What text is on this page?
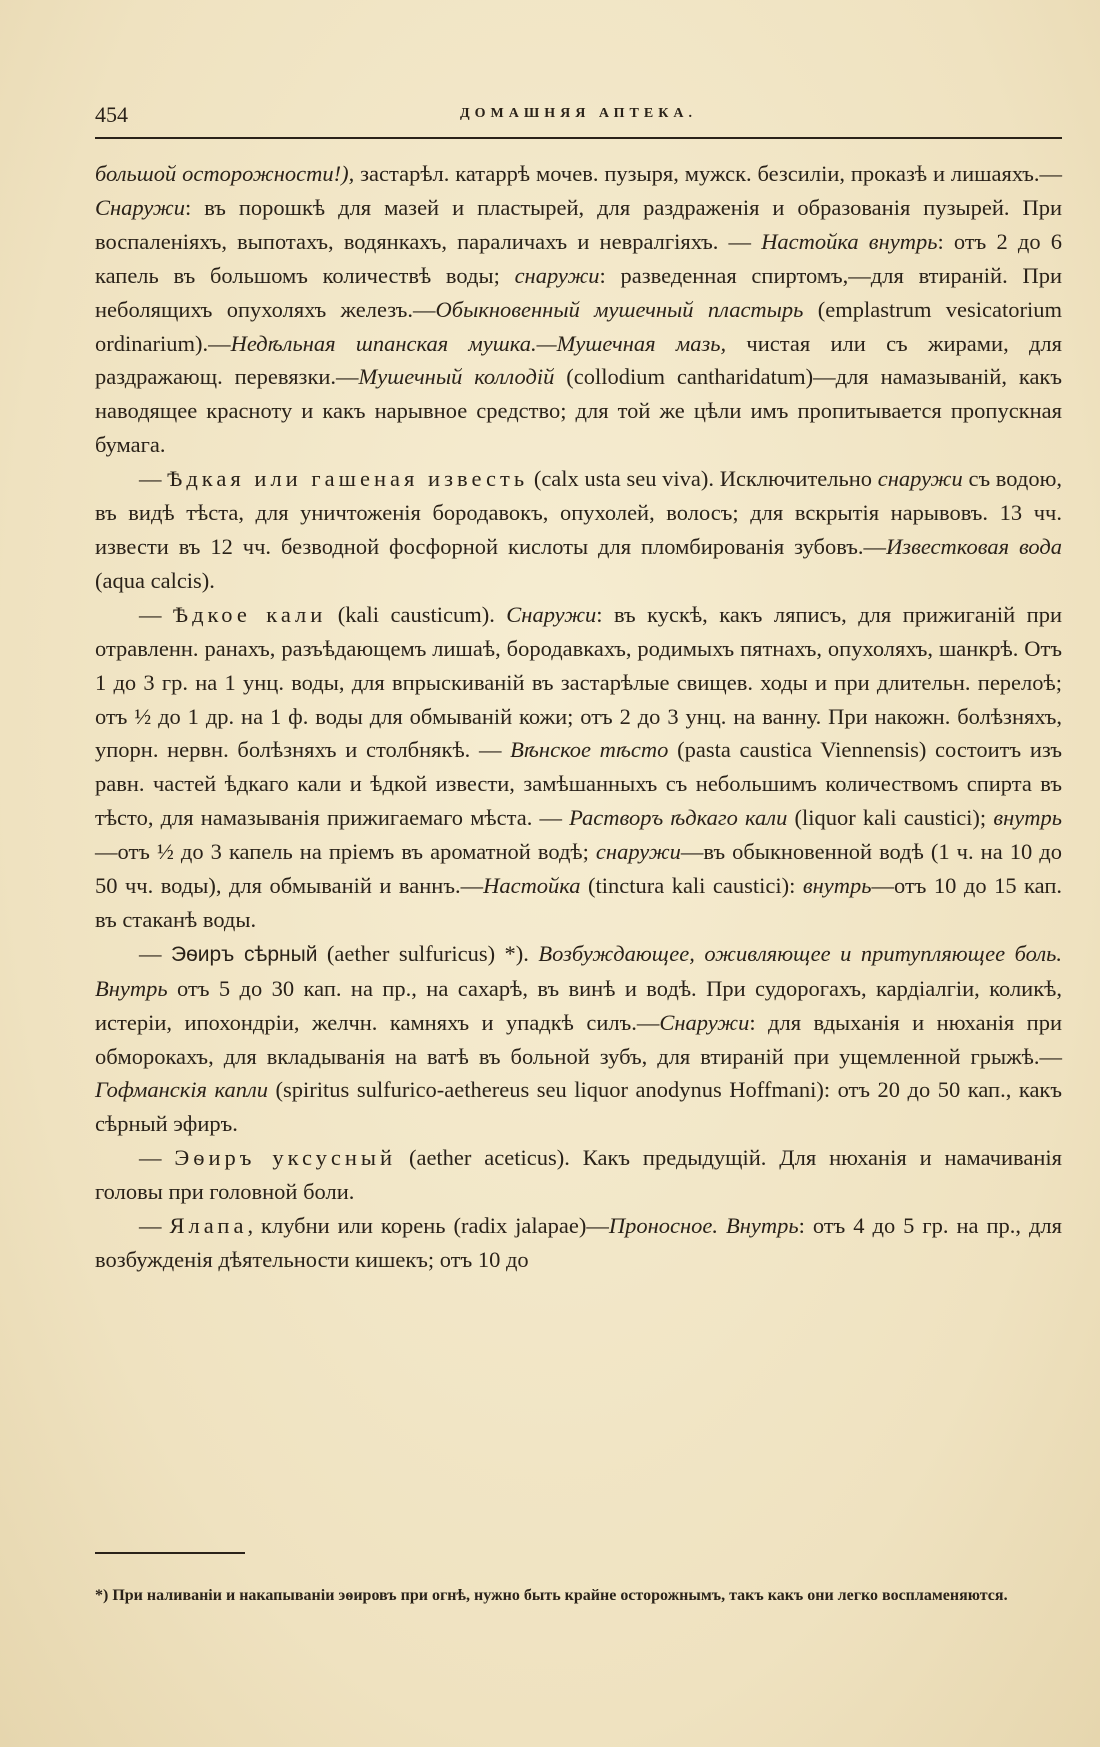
454	ДОМАШНЯЯ АПТЕКА.

большой осторожности!), застарѣл. катаррѣ мочев. пузыря, мужск. безсиліи, проказѣ и лишаяхъ.—Снаружи: въ порошкѣ для мазей и пластырей, для раздраженія и образованія пузырей. При воспаленіяхъ, выпотахъ, водянкахъ, параличахъ и невралгіяхъ. — Настойка внутрь: отъ 2 до 6 капель въ большомъ количествѣ воды; снаружи: разведенная спиртомъ,—для втираній. При неболящихъ опухоляхъ железъ.—Обыкновенный мушечный пластырь (emplastrum vesicatorium ordinarium).—Недѣльная шпанская мушка.—Мушечная мазь, чистая или съ жирами, для раздражающ. перевязки.—Мушечный коллодій (collodium cantharidatum)—для намазываній, какъ наводящее красноту и какъ нарывное средство; для той же цѣли имъ пропитывается пропускная бумага.

— Ѣдкая или гашеная известь (calx usta seu viva). Исключительно снаружи съ водою, въ видѣ тѣста, для уничтоженія бородавокъ, опухолей, волосъ; для вскрытія нарывовъ. 13 чч. извести въ 12 чч. безводной фосфорной кислоты для пломбированія зубовъ.—Известковая вода (aqua calcis).

— Ѣдкое кали (kali causticum). Снаружи: въ кускѣ, какъ ляписъ, для прижиганій при отравленн. ранахъ, разъѣдающемъ лишаѣ, бородавкахъ, родимыхъ пятнахъ, опухоляхъ, шанкрѣ. Отъ 1 до 3 гр. на 1 унц. воды, для впрыскиваній въ застарѣлые свищев. ходы и при длительн. перелоѣ; отъ ½ до 1 др. на 1 ф. воды для обмываній кожи; отъ 2 до 3 унц. на ванну. При накожн. болѣзняхъ, упорн. нервн. болѣзняхъ и столбнякѣ. — Вѣнское тѣсто (pasta caustica Viennensis) состоитъ изъ равн. частей ѣдкаго кали и ѣдкой извести, замѣшанныхъ съ небольшимъ количествомъ спирта въ тѣсто, для намазыванія прижигаемаго мѣста. — Растворъ ѣдкаго кали (liquor kali caustici); внутрь—отъ ½ до 3 капель на пріемъ въ ароматной водѣ; снаружи—въ обыкновенной водѣ (1 ч. на 10 до 50 чч. воды), для обмываній и ваннъ.—Настойка (tinctura kali caustici): внутрь—отъ 10 до 15 кап. въ стаканѣ воды.

— Эѳиръ сѣрный (aether sulfuricus) *). Возбуждающее, оживляющее и притупляющее боль. Внутрь отъ 5 до 30 кап. на пр., на сахарѣ, въ винѣ и водѣ. При судорогахъ, кардіалгіи, коликѣ, истеріи, ипохондріи, желчн. камняхъ и упадкѣ силъ.—Снаружи: для вдыханія и нюханія при обморокахъ, для вкладыванія на ватѣ въ больной зубъ, для втираній при ущемленной грыжѣ.—Гофманскія капли (spiritus sulfurico-aethereus seu liquor anodynus Hoffmani): отъ 20 до 50 кап., какъ сѣрный эфиръ.

— Эѳиръ уксусный (aether aceticus). Какъ предыдущій. Для нюханія и намачиванія головы при головной боли.

— Ялапа, клубни или корень (radix jalapae)—Проносное. Внутрь: отъ 4 до 5 гр. на пр., для возбужденія дѣятельности кишекъ; отъ 10 до

*) При наливаніи и накапываніи эѳировъ при огнѣ, нужно быть крайне осторожнымъ, такъ какъ они легко воспламеняются.
